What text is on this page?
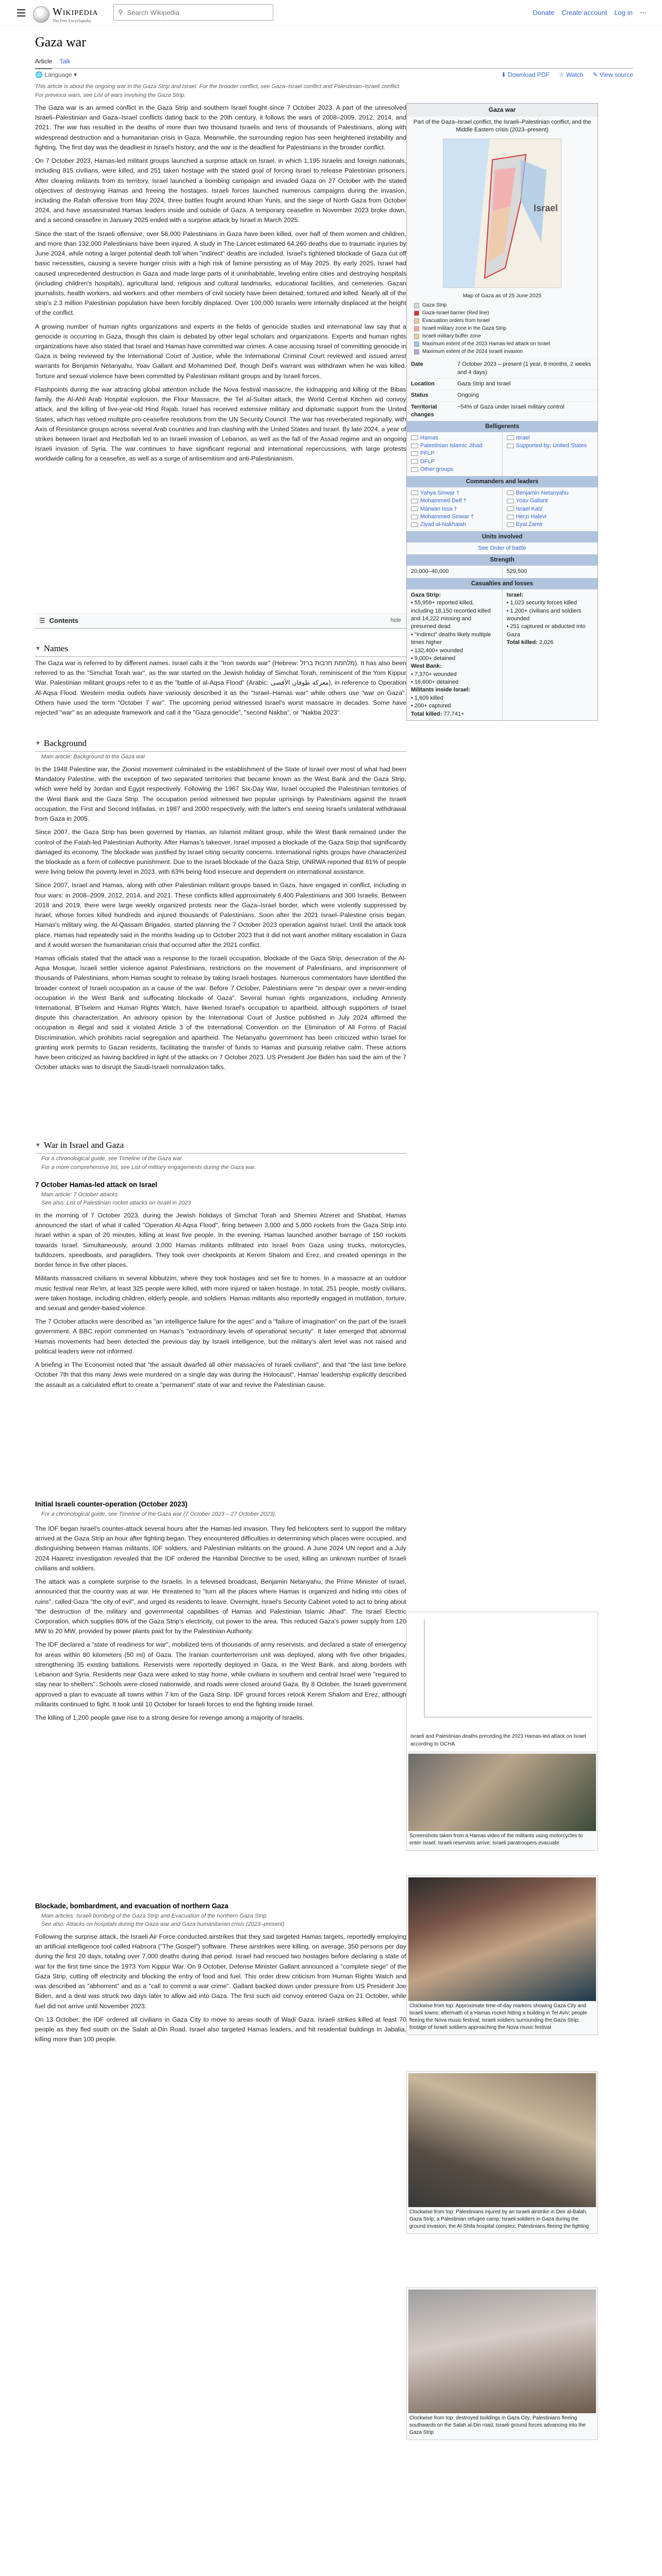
Wikipedia
The Free Encyclopedia
⚲
Search Wikipedia	Donate Create account Log in ⋯
Gaza war
Article Talk
🌐 Language ▾	⬇ Download PDF ☆ Watch ✎ View source
This article is about the ongoing war in the Gaza Strip and Israel. For the broader conflict, see Gaza–Israel conflict and Palestinian–Israeli conflict. For previous wars, see List of wars involving the Gaza Strip.

The Gaza war is an armed conflict in the Gaza Strip and southern Israel fought since 7 October 2023. A part of the unresolved Israeli–Palestinian and Gaza–Israel conflicts dating back to the 20th century, it follows the wars of 2008–2009, 2012, 2014, and 2021. The war has resulted in the deaths of more than two thousand Israelis and tens of thousands of Palestinians, along with widespread destruction and a humanitarian crisis in Gaza. Meanwhile, the surrounding region has seen heightened instability and fighting. The first day was the deadliest in Israel's history, and the war is the deadliest for Palestinians in the broader conflict.

On 7 October 2023, Hamas-led militant groups launched a surprise attack on Israel, in which 1,195 Israelis and foreign nationals, including 815 civilians, were killed, and 251 taken hostage with the stated goal of forcing Israel to release Palestinian prisoners. After clearing militants from its territory, Israel launched a bombing campaign and invaded Gaza on 27 October with the stated objectives of destroying Hamas and freeing the hostages. Israeli forces launched numerous campaigns during the invasion, including the Rafah offensive from May 2024, three battles fought around Khan Yunis, and the siege of North Gaza from October 2024, and have assassinated Hamas leaders inside and outside of Gaza. A temporary ceasefire in November 2023 broke down, and a second ceasefire in January 2025 ended with a surprise attack by Israel in March 2025.

Since the start of the Israeli offensive, over 56,000 Palestinians in Gaza have been killed, over half of them women and children, and more than 132,000 Palestinians have been injured. A study in The Lancet estimated 64,260 deaths due to traumatic injuries by June 2024, while noting a larger potential death toll when "indirect" deaths are included. Israel's tightened blockade of Gaza cut off basic necessities, causing a severe hunger crisis with a high risk of famine persisting as of May 2025. By early 2025, Israel had caused unprecedented destruction in Gaza and made large parts of it uninhabitable, leveling entire cities and destroying hospitals (including children's hospitals), agricultural land, religious and cultural landmarks, educational facilities, and cemeteries. Gazan journalists, health workers, aid workers and other members of civil society have been detained, tortured and killed. Nearly all of the strip's 2.3 million Palestinian population have been forcibly displaced. Over 100,000 Israelis were internally displaced at the height of the conflict.

A growing number of human rights organizations and experts in the fields of genocide studies and international law say that a genocide is occurring in Gaza, though this claim is debated by other legal scholars and organizations. Experts and human rights organizations have also stated that Israel and Hamas have committed war crimes. A case accusing Israel of committing genocide in Gaza is being reviewed by the International Court of Justice, while the International Criminal Court reviewed and issued arrest warrants for Benjamin Netanyahu, Yoav Gallant and Mohammed Deif, though Deif's warrant was withdrawn when he was killed. Torture and sexual violence have been committed by Palestinian militant groups and by Israeli forces.

Flashpoints during the war attracting global attention include the Nova festival massacre, the kidnapping and killing of the Bibas family, the Al-Ahli Arab Hospital explosion, the Flour Massacre, the Tel al-Sultan attack, the World Central Kitchen aid convoy attack, and the killing of five-year-old Hind Rajab. Israel has received extensive military and diplomatic support from the United States, which has vetoed multiple pro-ceasefire resolutions from the UN Security Council. The war has reverberated regionally, with Axis of Resistance groups across several Arab countries and Iran clashing with the United States and Israel. By late 2024, a year of strikes between Israel and Hezbollah led to an Israeli invasion of Lebanon, as well as the fall of the Assad regime and an ongoing Israeli invasion of Syria. The war continues to have significant regional and international repercussions, with large protests worldwide calling for a ceasefire, as well as a surge of antisemitism and anti-Palestinianism.

☰ Contents	hide
▼ Names

The Gaza war is referred to by different names. Israel calls it the "Iron swords war" (Hebrew: מלחמת חרבות ברזל). It has also been referred to as the "Simchat Torah war", as the war started on the Jewish holiday of Simchat Torah, reminiscent of the Yom Kippur War. Palestinian militant groups refer to it as the "battle of al-Aqsa Flood" (Arabic: معركة طوفان الأقصى), in reference to Operation Al-Aqsa Flood. Western media outlets have variously described it as the "Israel–Hamas war" while others use "war on Gaza". Others have used the term "October 7 war". The upcoming period witnessed Israel's worst massacre in decades. Some have rejected "war" as an adequate framework and call it the "Gaza genocide", "second Nakba", or "Nakba 2023".

▼ Background
Main article: Background to the Gaza war

In the 1948 Palestine war, the Zionist movement culminated in the establishment of the State of Israel over most of what had been Mandatory Palestine, with the exception of two separated territories that became known as the West Bank and the Gaza Strip, which were held by Jordan and Egypt respectively. Following the 1967 Six-Day War, Israel occupied the Palestinian territories of the West Bank and the Gaza Strip. The occupation period witnessed two popular uprisings by Palestinians against the Israeli occupation, the First and Second Intifadas, in 1987 and 2000 respectively, with the latter's end seeing Israel's unilateral withdrawal from Gaza in 2005.

Since 2007, the Gaza Strip has been governed by Hamas, an Islamist militant group, while the West Bank remained under the control of the Fatah-led Palestinian Authority. After Hamas's takeover, Israel imposed a blockade of the Gaza Strip that significantly damaged its economy. The blockade was justified by Israel citing security concerns. International rights groups have characterized the blockade as a form of collective punishment. Due to the Israeli blockade of the Gaza Strip, UNRWA reported that 81% of people were living below the poverty level in 2023, with 63% being food insecure and dependent on international assistance.

Since 2007, Israel and Hamas, along with other Palestinian militant groups based in Gaza, have engaged in conflict, including in four wars: in 2008–2009, 2012, 2014, and 2021. These conflicts killed approximately 6,400 Palestinians and 300 Israelis. Between 2018 and 2019, there were large weekly organized protests near the Gaza–Israel border, which were violently suppressed by Israel, whose forces killed hundreds and injured thousands of Palestinians. Soon after the 2021 Israel–Palestine crisis began, Hamas's military wing, the Al-Qassam Brigades, started planning the 7 October 2023 operation against Israel. Until the attack took place, Hamas had repeatedly said in the months leading up to October 2023 that it did not want another military escalation in Gaza and it would worsen the humanitarian crisis that occurred after the 2021 conflict.

Hamas officials stated that the attack was a response to the Israeli occupation, blockade of the Gaza Strip, desecration of the Al-Aqsa Mosque, Israeli settler violence against Palestinians, restrictions on the movement of Palestinians, and imprisonment of thousands of Palestinians, whom Hamas sought to release by taking Israeli hostages. Numerous commentators have identified the broader context of Israeli occupation as a cause of the war. Before 7 October, Palestinians were "in despair over a never-ending occupation in the West Bank and suffocating blockade of Gaza". Several human rights organizations, including Amnesty International, B'Tselem and Human Rights Watch, have likened Israel's occupation to apartheid, although supporters of Israel dispute this characterization. An advisory opinion by the International Court of Justice published in July 2024 affirmed the occupation is illegal and said it violated Article 3 of the International Convention on the Elimination of All Forms of Racial Discrimination, which prohibits racial segregation and apartheid. The Netanyahu government has been criticized within Israel for granting work permits to Gazan residents, facilitating the transfer of funds to Hamas and pursuing relative calm. These actions have been criticized as having backfired in light of the attacks on 7 October 2023. US President Joe Biden has said the aim of the 7 October attacks was to disrupt the Saudi-Israeli normalization talks.

▼ War in Israel and Gaza
For a chronological guide, see Timeline of the Gaza war.
For a more comprehensive list, see List of military engagements during the Gaza war.
7 October Hamas-led attack on Israel
Main article: 7 October attacks
See also: List of Palestinian rocket attacks on Israel in 2023

In the morning of 7 October 2023, during the Jewish holidays of Simchat Torah and Shemini Atzeret and Shabbat, Hamas announced the start of what it called "Operation Al-Aqsa Flood", firing between 3,000 and 5,000 rockets from the Gaza Strip into Israel within a span of 20 minutes, killing at least five people. In the evening, Hamas launched another barrage of 150 rockets towards Israel. Simultaneously, around 3,000 Hamas militants infiltrated into Israel from Gaza using trucks, motorcycles, bulldozers, speedboats, and paragliders. They took over checkpoints at Kerem Shalom and Erez, and created openings in the border fence in five other places.

Militants massacred civilians in several kibbutzim, where they took hostages and set fire to homes. In a massacre at an outdoor music festival near Re'im, at least 325 people were killed, with more injured or taken hostage. In total, 251 people, mostly civilians, were taken hostage, including children, elderly people, and soldiers. Hamas militants also reportedly engaged in mutilation, torture, and sexual and gender-based violence.

The 7 October attacks were described as "an intelligence failure for the ages" and a "failure of imagination" on the part of the Israeli government. A BBC report commented on Hamas's "extraordinary levels of operational security". It later emerged that abnormal Hamas movements had been detected the previous day by Israeli intelligence, but the military's alert level was not raised and political leaders were not informed.

A briefing in The Economist noted that "the assault dwarfed all other massacres of Israeli civilians", and that "the last time before October 7th that this many Jews were murdered on a single day was during the Holocaust". Hamas' leadership explicitly described the assault as a calculated effort to create a "permanent" state of war and revive the Palestinian cause.

Initial Israeli counter-operation (October 2023)
For a chronological guide, see Timeline of the Gaza war (7 October 2023 – 27 October 2023).

The IDF began Israel's counter-attack several hours after the Hamas-led invasion. They fed helicopters sent to support the military arrived at the Gaza Strip an hour after fighting began. They encountered difficulties in determining which places were occupied, and distinguishing between Hamas militants, IDF soldiers, and Palestinian militants on the ground. A June 2024 UN report and a July 2024 Haaretz investigation revealed that the IDF ordered the Hannibal Directive to be used, killing an unknown number of Israeli civilians and soldiers.

The attack was a complete surprise to the Israelis. In a televised broadcast, Benjamin Netanyahu, the Prime Minister of Israel, announced that the country was at war. He threatened to "turn all the places where Hamas is organized and hiding into cities of ruins", called Gaza "the city of evil", and urged its residents to leave. Overnight, Israel's Security Cabinet voted to act to bring about "the destruction of the military and governmental capabilities of Hamas and Palestinian Islamic Jihad". The Israel Electric Corporation, which supplies 80% of the Gaza Strip's electricity, cut power to the area. This reduced Gaza's power supply from 120 MW to 20 MW, provided by power plants paid for by the Palestinian Authority.

The IDF declared a "state of readiness for war", mobilized tens of thousands of army reservists, and declared a state of emergency for areas within 80 kilometers (50 mi) of Gaza. The Iranian counterterrorism unit was deployed, along with five other brigades, strengthening 35 existing battalions. Reservists were reportedly deployed in Gaza, in the West Bank, and along borders with Lebanon and Syria. Residents near Gaza were asked to stay home, while civilians in southern and central Israel were "required to stay near to shelters". Schools were closed nationwide, and roads were closed around Gaza. By 8 October, the Israeli government approved a plan to evacuate all towns within 7 km of the Gaza Strip. IDF ground forces retook Kerem Shalom and Erez, although militants continued to fight. It took until 10 October for Israeli forces to end the fighting inside Israel.

The killing of 1,200 people gave rise to a strong desire for revenge among a majority of Israelis.

Blockade, bombardment, and evacuation of northern Gaza
Main articles: Israeli bombing of the Gaza Strip and Evacuation of the northern Gaza Strip
See also: Attacks on hospitals during the Gaza war and Gaza humanitarian crisis (2023–present)

Following the surprise attack, the Israeli Air Force conducted airstrikes that they said targeted Hamas targets, reportedly employing an artificial intelligence tool called Habsora ("The Gospel") software. These airstrikes were killing, on average, 350 persons per day during the first 20 days, totaling over 7,000 deaths during that period. Israel had rescued two hostages before declaring a state of war for the first time since the 1973 Yom Kippur War. On 9 October, Defense Minister Gallant announced a "complete siege" of the Gaza Strip, cutting off electricity and blocking the entry of food and fuel. This order drew criticism from Human Rights Watch and was described as "abhorrent" and as a "call to commit a war crime". Gallant backed down under pressure from US President Joe Biden, and a deal was struck two days later to allow aid into Gaza. The first such aid convoy entered Gaza on 21 October, while fuel did not arrive until November 2023.

On 13 October, the IDF ordered all civilians in Gaza City to move to areas south of Wadi Gaza. Israeli strikes killed at least 70 people as they fled south on the Salah al-Din Road. Israel also targeted Hamas leaders, and hit residential buildings in Jabalia, killing more than 100 people.

Gaza war
Part of the Gaza–Israel conflict, the Israeli–Palestinian conflict, and the Middle Eastern crisis (2023–present)
Israel
Map of Gaza as of 25 June 2025
Gaza Strip
Gaza-Israel barrier (Red line)
Evacuation orders from Israel
Israeli military zone in the Gaza Strip
Israeli military buffer zone
Maximum extent of the 2023 Hamas-led attack on Israel
Maximum extent of the 2024 Israeli invasion
Date	7 October 2023 – present (1 year, 8 months, 2 weeks and 4 days)
Location	Gaza Strip and Israel
Status	Ongoing
Territorial changes
~54% of Gaza under Israeli military control
Belligerents
Hamas
Palestinian Islamic Jihad
PFLP
DFLP
Other groups
Israel
Supported by: United States
Commanders and leaders
Yahya Sinwar †
Mohammed Deif †
Marwan Issa †
Mohammed Sinwar †
Ziyad al-Nakhalah
Benjamin Netanyahu
Yoav Gallant
Israel Katz
Herzi Halevi
Eyal Zamir
Units involved
See Order of battle
Strength
20,000–40,000	529,500
Casualties and losses
Gaza Strip:
• 55,959+ reported killed, including 18,150 recorded killed and 14,222 missing and presumed dead
• "Indirect" deaths likely multiple times higher
• 132,400+ wounded
• 9,000+ detained
West Bank:
• 7,370+ wounded
• 16,600+ detained
Militants inside Israel:
• 1,609 killed
• 200+ captured
Total killed: 77,741+
Israel:
• 1,023 security forces killed
• 1,200+ civilians and soldiers wounded
• 251 captured or abducted into Gaza
Total killed: 2,026
Israeli and Palestinian deaths preceding the 2023 Hamas-led attack on Israel according to OCHA
Screenshots taken from a Hamas video of the militants using motorcycles to enter Israel; Israeli reservists arrive; Israeli paratroopers evacuate
Clockwise from top: Approximate time-of-day markers showing Gaza City and Israeli towns; aftermath of a Hamas rocket hitting a building in Tel Aviv; people fleeing the Nova music festival; Israeli soldiers surrounding the Gaza Strip; footage of Israeli soldiers approaching the Nova music festival
Clockwise from top: Palestinians injured by an Israeli airstrike in Deir al-Balah, Gaza Strip; a Palestinian refugee camp; Israeli soldiers in Gaza during the ground invasion; the Al-Shifa hospital complex; Palestinians fleeing the fighting
Clockwise from top: destroyed buildings in Gaza City; Palestinians fleeing southwards on the Salah al-Din road; Israeli ground forces advancing into the Gaza Strip
